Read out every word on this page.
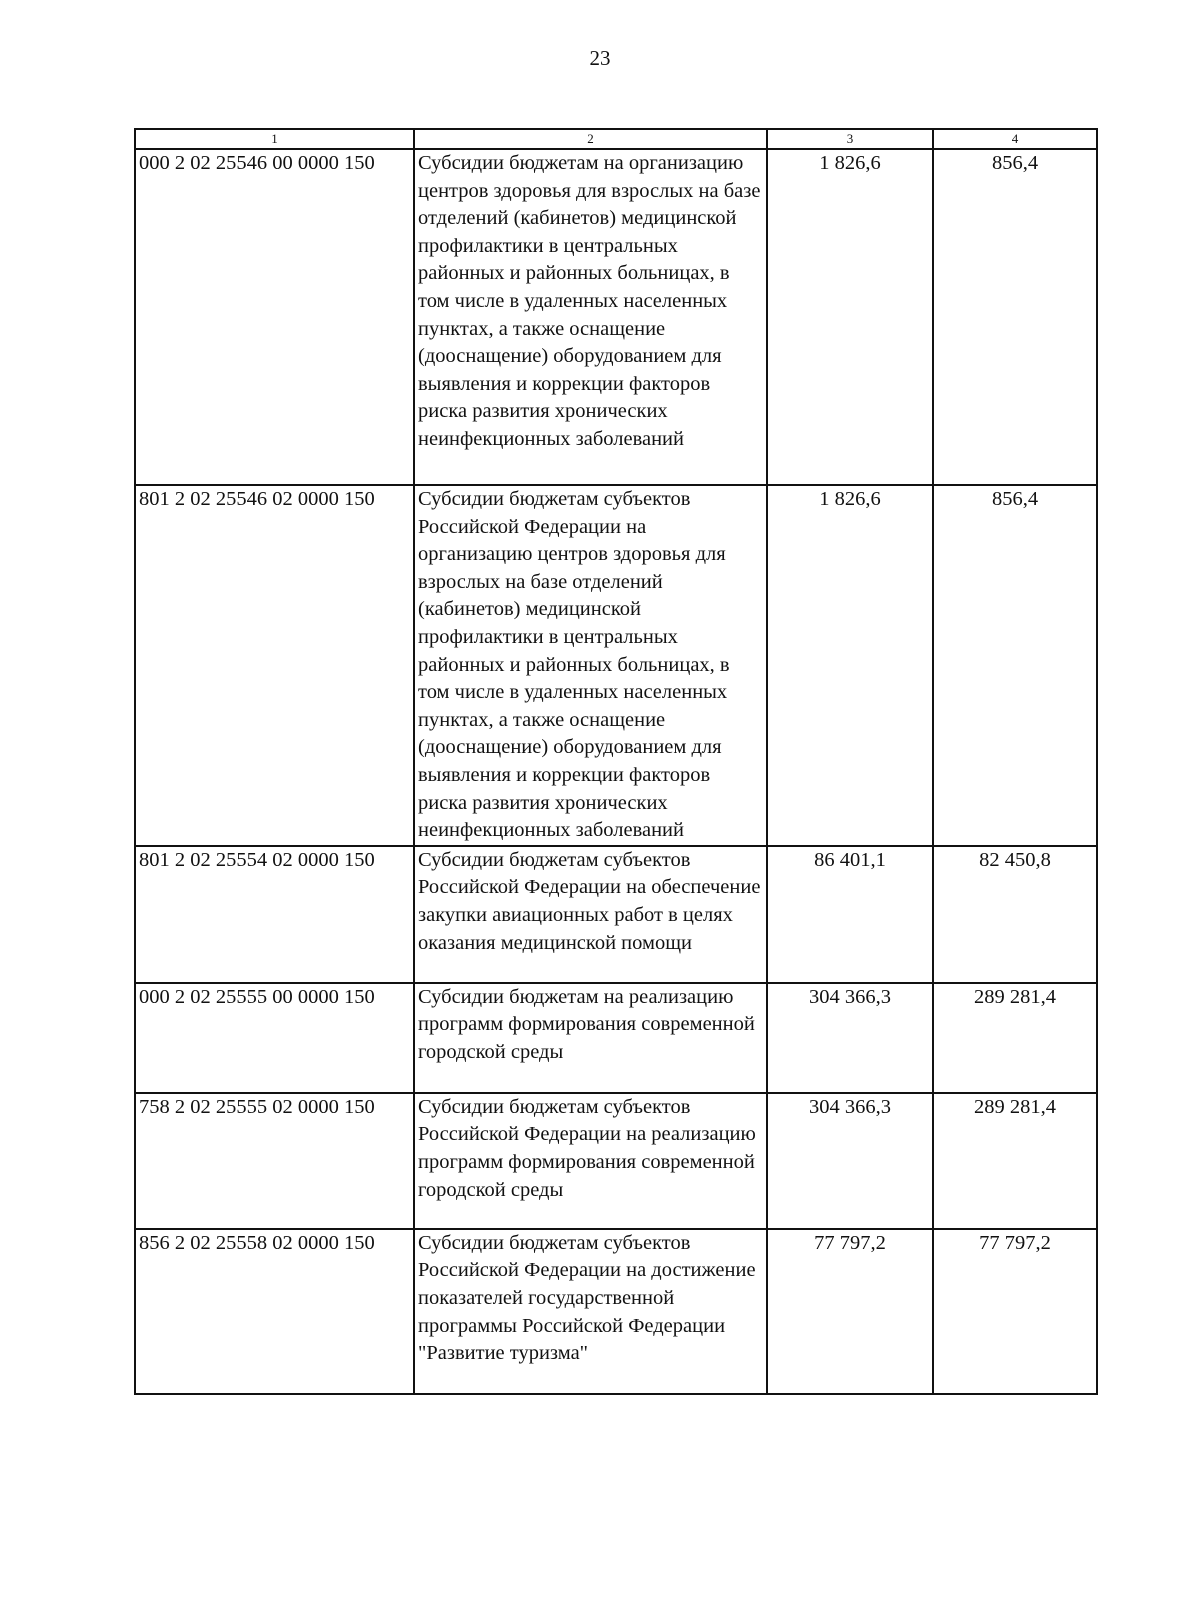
23
1	2	3	4
000 2 02 25546 00 0000 150	Субсидии бюджетам на организацию центров здоровья для взрослых на базе отделений (кабинетов) медицинской профилактики в центральных районных и районных больницах, в том числе в удаленных населенных пунктах, а также оснащение (дооснащение) оборудованием для выявления и коррекции факторов риска развития хронических неинфекционных заболеваний	1 826,6	856,4
801 2 02 25546 02 0000 150	Субсидии бюджетам субъектов Российской Федерации на организацию центров здоровья для взрослых на базе отделений (кабинетов) медицинской профилактики в центральных районных и районных больницах, в том числе в удаленных населенных пунктах, а также оснащение (дооснащение) оборудованием для выявления и коррекции факторов риска развития хронических неинфекционных заболеваний	1 826,6	856,4
801 2 02 25554 02 0000 150	Субсидии бюджетам субъектов Российской Федерации на обеспечение закупки авиационных работ в целях оказания медицинской помощи	86 401,1	82 450,8
000 2 02 25555 00 0000 150	Субсидии бюджетам на реализацию программ формирования современной городской среды	304 366,3	289 281,4
758 2 02 25555 02 0000 150	Субсидии бюджетам субъектов Российской Федерации на реализацию программ формирования современной городской среды	304 366,3	289 281,4
856 2 02 25558 02 0000 150	Субсидии бюджетам субъектов Российской Федерации на достижение показателей государственной программы Российской Федерации "Развитие туризма"	77 797,2	77 797,2
